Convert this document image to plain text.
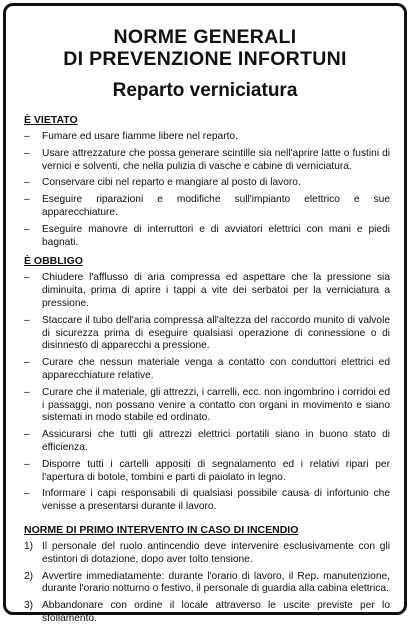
NORME GENERALI
DI PREVENZIONE INFORTUNI
Reparto verniciatura
È VIETATO
–	Fumare ed usare fiamme libere nel reparto.
–	Usare attrezzature che possa generare scintille sia nell'aprire latte o fustini di vernici e solventi, che nella pulizia di vasche e cabine di verniciatura.
–	Conservare cibi nel reparto e mangiare al posto di lavoro.
–	Eseguire riparazioni e modifiche sull'impianto elettrico e sue apparecchiature.
–	Eseguire manovre di interruttori e di avviatori elettrici con mani e piedi bagnati.
È OBBLIGO
–	Chiudere l'afflusso di aria compressa ed aspettare che la pressione sia diminuita, prima di aprire i tappi a vite dei serbatoi per la verniciatura a pressione.
–	Staccare il tubo dell'aria compressa all'altezza del raccordo munito di valvole di sicurezza prima di eseguire qualsiasi operazione di connessione o di disinnesto di apparecchi a pressione.
–	Curare che nessun materiale venga a contatto con conduttori elettrici ed apparecchiature relative.
–	Curare che il materiale, gli attrezzi, i carrelli, ecc. non ingombrino i corridoi ed i passaggi, non possano venire a contatto con organi in movimento e siano sistemati in modo stabile ed ordinato.
–	Assicurarsi che tutti gli attrezzi elettrici portatili siano in buono stato di efficienza.
–	Disporre tutti i cartelli appositi di segnalamento ed i relativi ripari per l'apertura di botole, tombini e parti di paiolato in legno.
–	Informare i capi responsabili di qualsiasi possibile causa di infortunio che venisse a presentarsi durante il lavoro.
NORME DI PRIMO INTERVENTO IN CASO DI INCENDIO
1) Il personale del ruolo antincendio deve intervenire esclusivamente con gli estintori di dotazione, dopo aver tolto tensione.
2) Avvertire immediatamente: durante l'orario di lavoro, il Rep. manutenzione, durante l'orario notturno o festivo, il personale di guardia alla cabina elettrica.
3) Abbandonare con ordine il locale attraverso le uscite previste per lo sfollamento.
